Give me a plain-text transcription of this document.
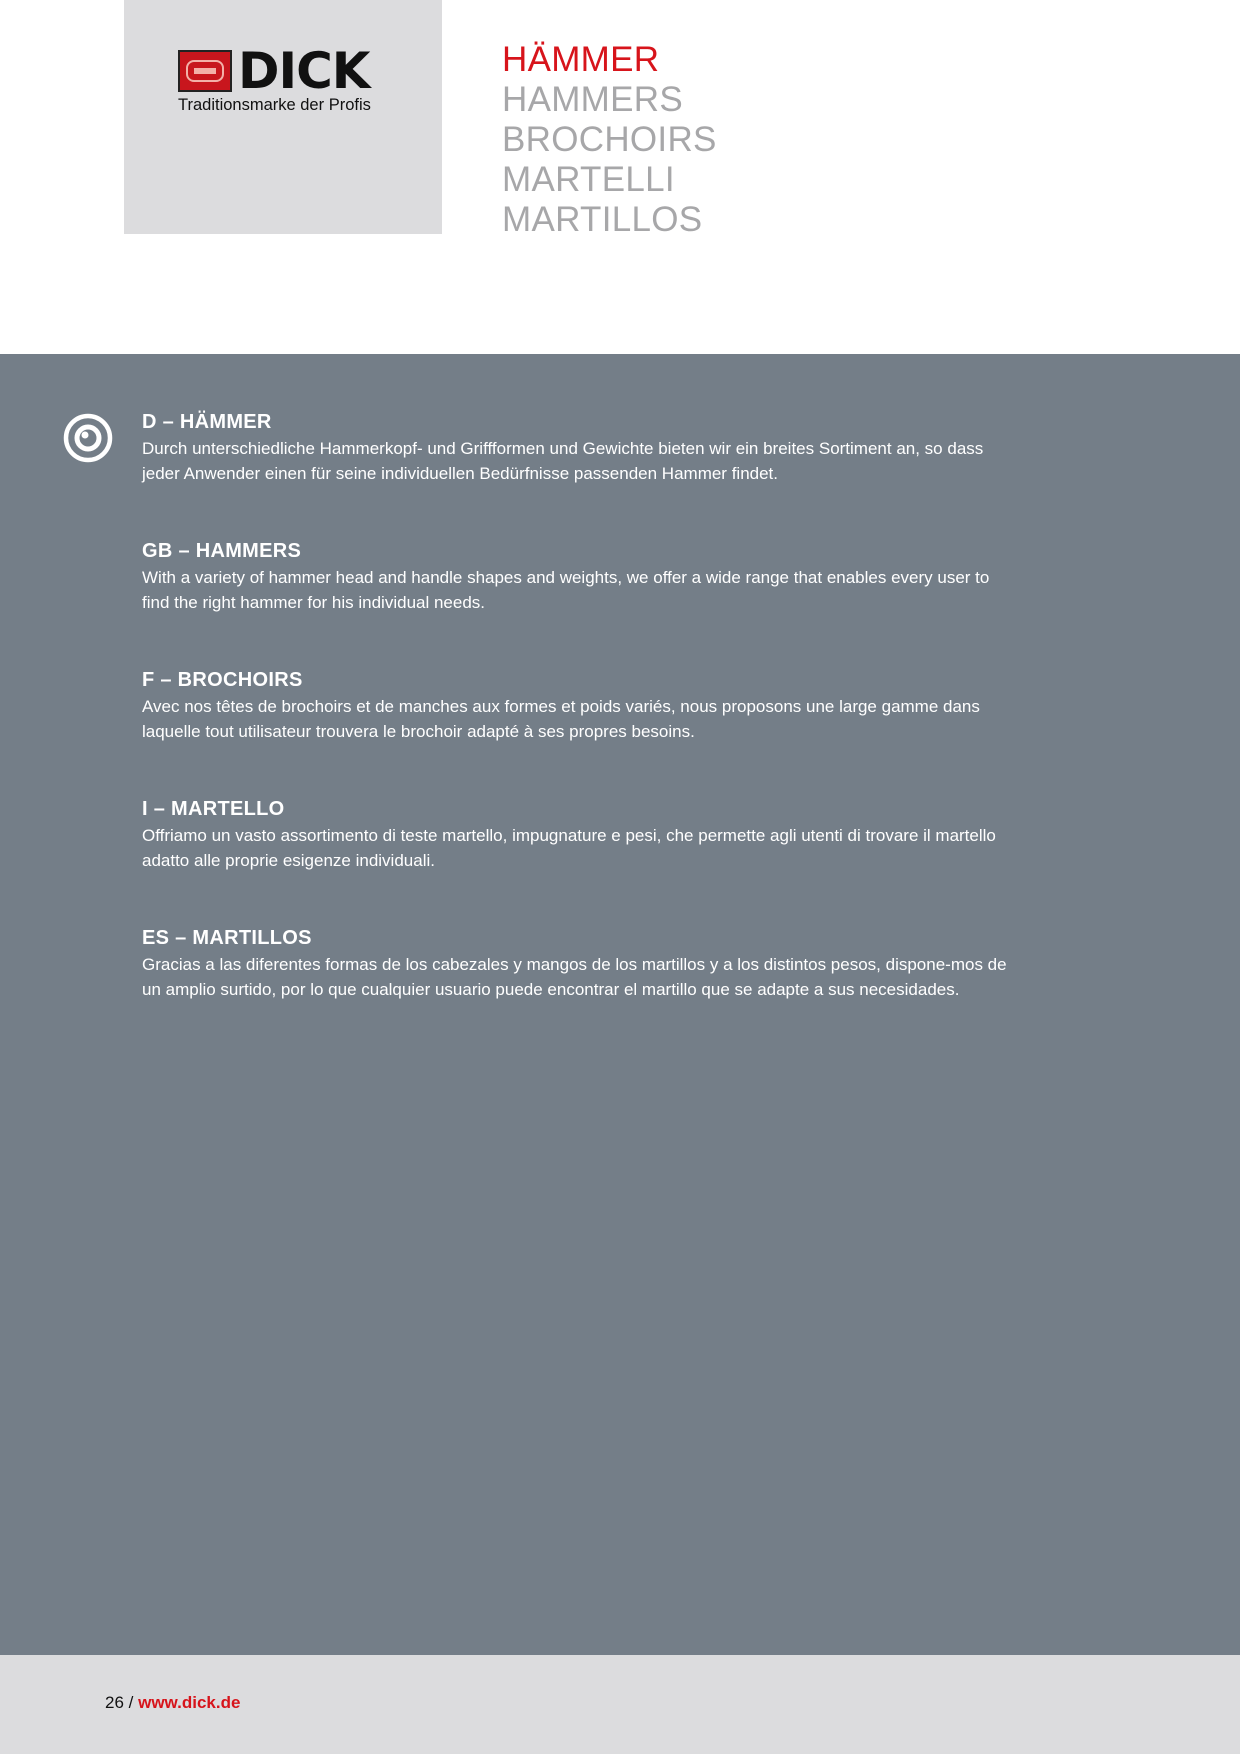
DICK
Traditionsmarke der Profis
HÄMMER
HAMMERS
BROCHOIRS
MARTELLI
MARTILLOS
D – HÄMMER

Durch unterschiedliche Hammerkopf- und Griffformen und Gewichte bieten wir ein breites Sortiment an, so dass jeder Anwender einen für seine individuellen Bedürfnisse passenden Hammer findet.

GB – HAMMERS

With a variety of hammer head and handle shapes and weights, we offer a wide range that enables every user to find the right hammer for his individual needs.

F – BROCHOIRS

Avec nos têtes de brochoirs et de manches aux formes et poids variés, nous proposons une large gamme dans laquelle tout utilisateur trouvera le brochoir adapté à ses propres besoins.

I – MARTELLO

Offriamo un vasto assortimento di teste martello, impugnature e pesi, che permette agli utenti di trovare il martello adatto alle proprie esigenze individuali.

ES – MARTILLOS

Gracias a las diferentes formas de los cabezales y mangos de los martillos y a los distintos pesos, dispone-mos de un amplio surtido, por lo que cualquier usuario puede encontrar el martillo que se adapte a sus necesidades.

26 / www.dick.de
